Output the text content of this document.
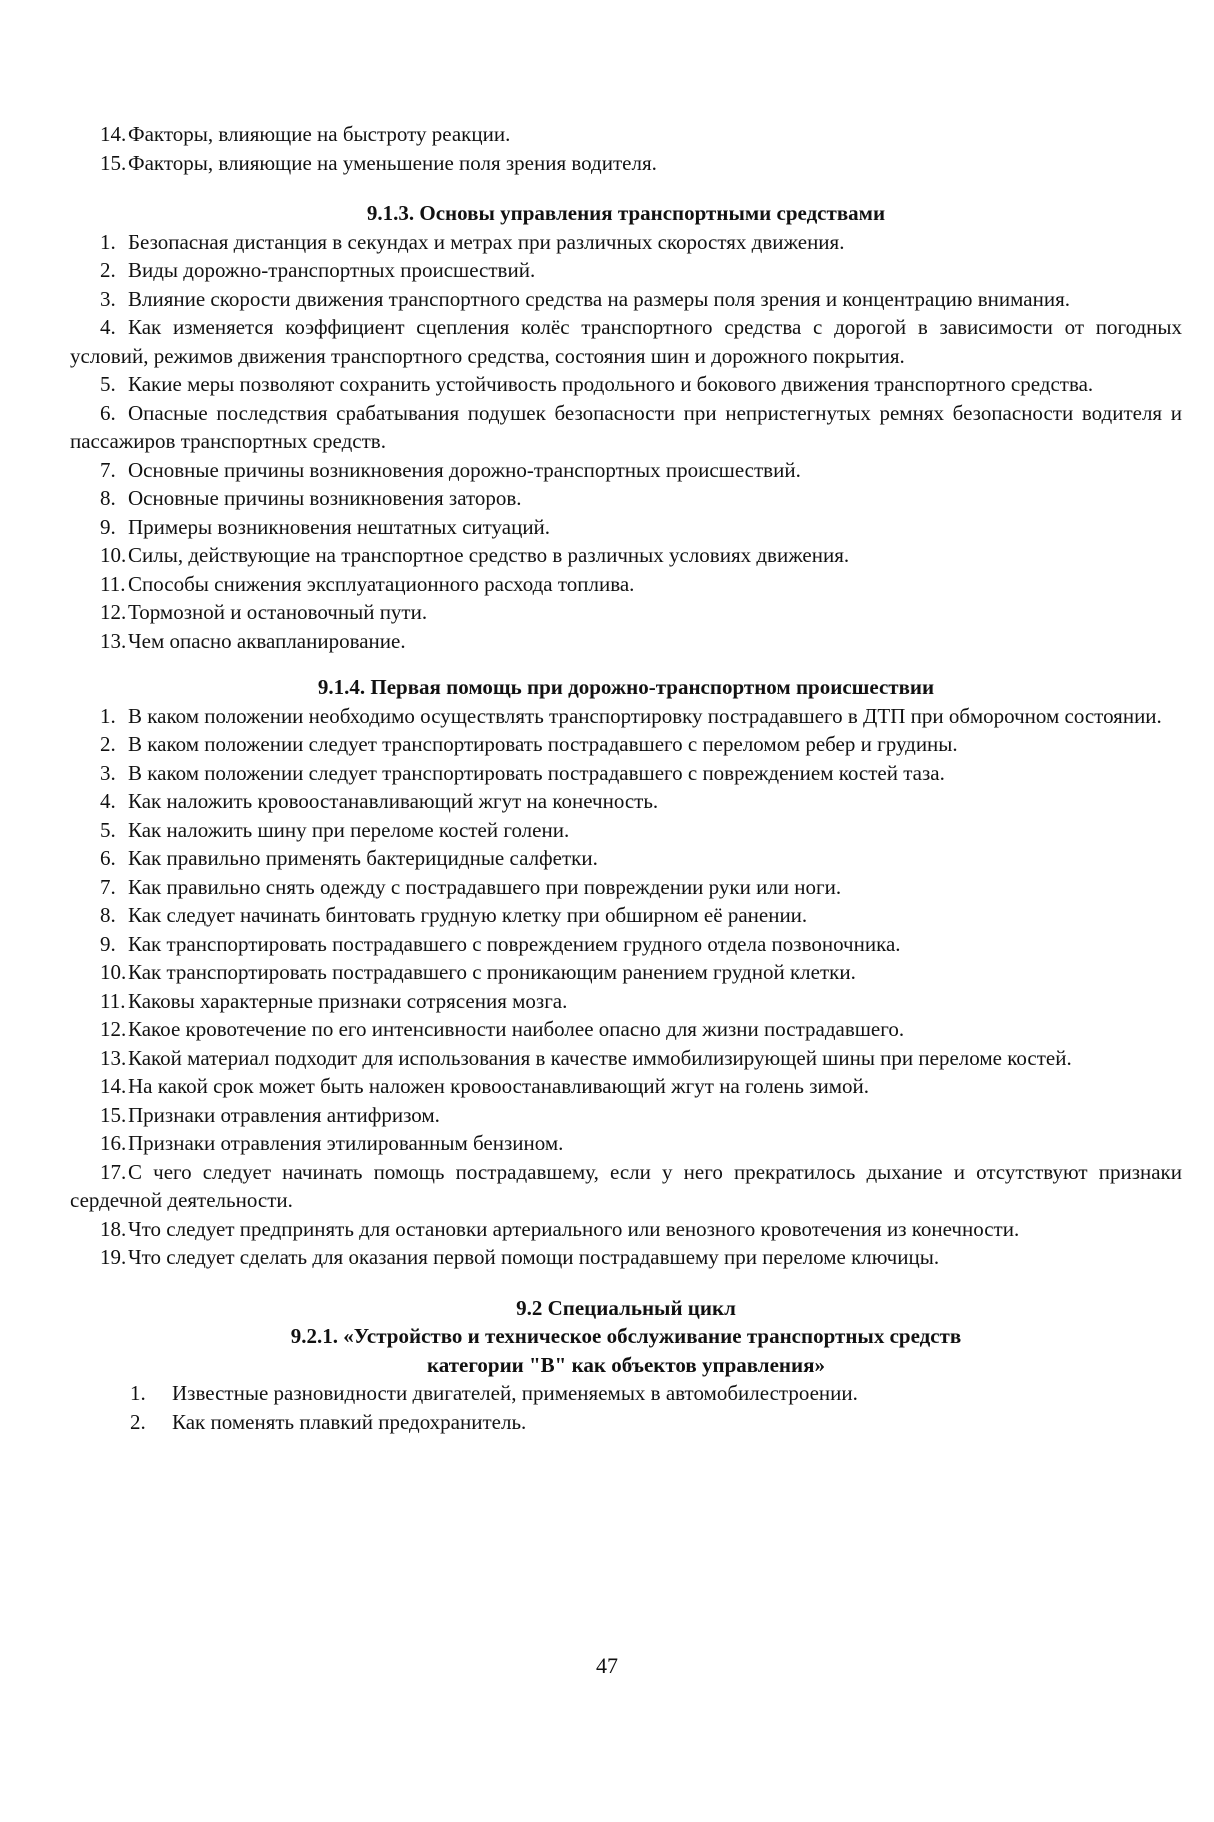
14.Факторы, влияющие на быстроту реакции.
15.Факторы, влияющие на уменьшение поля зрения водителя.
9.1.3. Основы управления транспортными средствами
1. Безопасная дистанция в секундах и метрах при различных скоростях движения.
2. Виды дорожно-транспортных происшествий.
3. Влияние скорости движения транспортного средства на размеры поля зрения и концентрацию внимания.
4. Как изменяется коэффициент сцепления колёс транспортного средства с дорогой в зависимости от погодных условий, режимов движения транспортного средства, состояния шин и дорожного покрытия.
5. Какие меры позволяют сохранить устойчивость продольного и бокового движения транспортного средства.
6. Опасные последствия срабатывания подушек безопасности при непристегнутых ремнях безопасности водителя и пассажиров транспортных средств.
7. Основные причины возникновения дорожно-транспортных происшествий.
8. Основные причины возникновения заторов.
9. Примеры возникновения нештатных ситуаций.
10.Силы, действующие на транспортное средство в различных условиях движения.
11. Способы снижения эксплуатационного расхода топлива.
12.Тормозной и остановочный пути.
13.Чем опасно аквапланирование.
9.1.4. Первая помощь при дорожно-транспортном происшествии
1. В каком положении необходимо осуществлять транспортировку пострадавшего в ДТП при обморочном состоянии.
2. В каком положении следует транспортировать пострадавшего с переломом ребер и грудины.
3. В каком положении следует транспортировать пострадавшего с повреждением костей таза.
4. Как наложить кровоостанавливающий жгут на конечность.
5. Как наложить шину при переломе костей голени.
6. Как правильно применять бактерицидные салфетки.
7. Как правильно снять одежду с пострадавшего при повреждении руки или ноги.
8. Как следует начинать бинтовать грудную клетку при обширном её ранении.
9. Как транспортировать пострадавшего с повреждением грудного отдела позвоночника.
10.Как транспортировать пострадавшего с проникающим ранением грудной клетки.
11. Каковы характерные признаки сотрясения мозга.
12.Какое кровотечение по его интенсивности наиболее опасно для жизни пострадавшего.
13.Какой материал подходит для использования в качестве иммобилизирующей шины при переломе костей.
14.На какой срок может быть наложен кровоостанавливающий жгут на голень зимой.
15.Признаки отравления антифризом.
16.Признаки отравления этилированным бензином.
17.С чего следует начинать помощь пострадавшему, если у него прекратилось дыхание и отсутствуют признаки сердечной деятельности.
18.Что следует предпринять для остановки артериального или венозного кровотечения из конечности.
19.Что следует сделать для оказания первой помощи пострадавшему при переломе ключицы.
9.2 Специальный цикл
9.2.1. «Устройство и техническое обслуживание транспортных средств
категории "В" как объектов управления»
1. Известные разновидности двигателей, применяемых в автомобилестроении.
2. Как поменять плавкий предохранитель.
47
